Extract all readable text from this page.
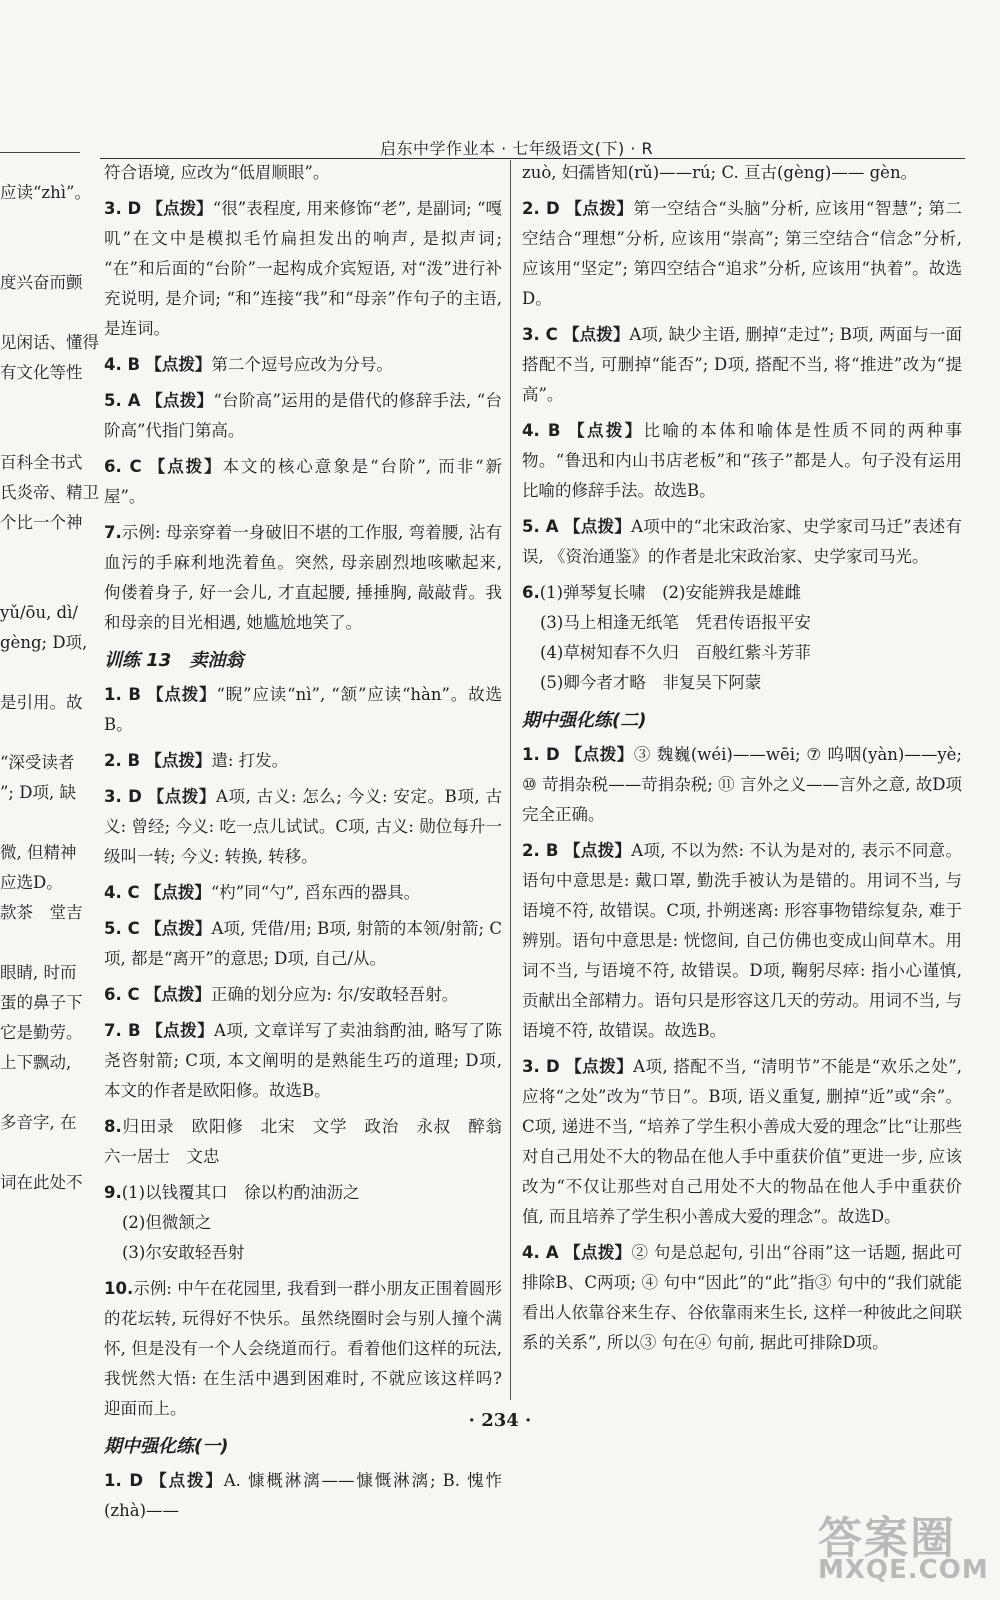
启东中学作业本 · 七年级语文(下) · R
应读“zhì”。

度兴奋而颤

见闲话、懂得
有文化等性

百科全书式
氏炎帝、精卫
个比一个神

yǔ/ōu, dì/
gèng; D项,

是引用。故

“深受读者
”; D项, 缺

微, 但精神
应选D。
款茶　堂吉

眼睛, 时而
蛋的鼻子下
它是勤劳。
上下飘动,

多音字, 在

词在此处不

符合语境, 应改为“低眉顺眼”。

3. D 【点拨】“很”表程度, 用来修饰“老”, 是副词; “嘎叽”在文中是模拟毛竹扁担发出的响声, 是拟声词; “在”和后面的“台阶”一起构成介宾短语, 对“泼”进行补充说明, 是介词; “和”连接“我”和“母亲”作句子的主语, 是连词。

4. B 【点拨】第二个逗号应改为分号。

5. A 【点拨】“台阶高”运用的是借代的修辞手法, “台阶高”代指门第高。

6. C 【点拨】本文的核心意象是“台阶”, 而非“新屋”。

7.示例: 母亲穿着一身破旧不堪的工作服, 弯着腰, 沾有血污的手麻利地洗着鱼。突然, 母亲剧烈地咳嗽起来, 佝偻着身子, 好一会儿, 才直起腰, 捶捶胸, 敲敲背。我和母亲的目光相遇, 她尴尬地笑了。

训练 13　卖油翁

1. B 【点拨】“睨”应读“nì”, “颔”应读“hàn”。故选B。

2. B 【点拨】遣: 打发。

3. D 【点拨】A项, 古义: 怎么; 今义: 安定。B项, 古义: 曾经; 今义: 吃一点儿试试。C项, 古义: 勋位每升一级叫一转; 今义: 转换, 转移。

4. C 【点拨】“杓”同“勺”, 舀东西的器具。

5. C 【点拨】A项, 凭借/用; B项, 射箭的本领/射箭; C项, 都是“离开”的意思; D项, 自己/从。

6. C 【点拨】正确的划分应为: 尔/安敢轻吾射。

7. B 【点拨】A项, 文章详写了卖油翁酌油, 略写了陈尧咨射箭; C项, 本文阐明的是熟能生巧的道理; D项, 本文的作者是欧阳修。故选B。

8.归田录　欧阳修　北宋　文学　政治　永叔　醉翁　六一居士　文忠

9.(1)以钱覆其口　徐以杓酌油沥之

(2)但微颔之

(3)尔安敢轻吾射

10.示例: 中午在花园里, 我看到一群小朋友正围着圆形的花坛转, 玩得好不快乐。虽然绕圈时会与别人撞个满怀, 但是没有一个人会绕道而行。看着他们这样的玩法, 我恍然大悟: 在生活中遇到困难时, 不就应该这样吗? 迎面而上。

期中强化练(一)

1. D 【点拨】A. 慷概淋漓——慷慨淋漓; B. 愧怍(zhà)——

zuò, 妇孺皆知(rǔ)——rú; C. 亘古(gèng)—— gèn。

2. D 【点拨】第一空结合“头脑”分析, 应该用“智慧”; 第二空结合“理想”分析, 应该用“崇高”; 第三空结合“信念”分析, 应该用“坚定”; 第四空结合“追求”分析, 应该用“执着”。故选D。

3. C 【点拨】A项, 缺少主语, 删掉“走过”; B项, 两面与一面搭配不当, 可删掉“能否”; D项, 搭配不当, 将“推进”改为“提高”。

4. B 【点拨】比喻的本体和喻体是性质不同的两种事物。“鲁迅和内山书店老板”和“孩子”都是人。句子没有运用比喻的修辞手法。故选B。

5. A 【点拨】A项中的“北宋政治家、史学家司马迁”表述有误, 《资治通鉴》的作者是北宋政治家、史学家司马光。

6.(1)弹琴复长啸　(2)安能辨我是雄雌

(3)马上相逢无纸笔　凭君传语报平安

(4)草树知春不久归　百般红紫斗芳菲

(5)卿今者才略　非复吴下阿蒙

期中强化练(二)

1. D 【点拨】③ 魏巍(wéi)——wēi; ⑦ 呜咽(yàn)——yè; ⑩ 苛捐杂税——苛捐杂税; ⑪ 言外之义——言外之意, 故D项完全正确。

2. B 【点拨】A项, 不以为然: 不认为是对的, 表示不同意。语句中意思是: 戴口罩, 勤洗手被认为是错的。用词不当, 与语境不符, 故错误。C项, 扑朔迷离: 形容事物错综复杂, 难于辨别。语句中意思是: 恍惚间, 自己仿佛也变成山间草木。用词不当, 与语境不符, 故错误。D项, 鞠躬尽瘁: 指小心谨慎, 贡献出全部精力。语句只是形容这几天的劳动。用词不当, 与语境不符, 故错误。故选B。

3. D 【点拨】A项, 搭配不当, “清明节”不能是“欢乐之处”, 应将“之处”改为“节日”。B项, 语义重复, 删掉“近”或“余”。C项, 递进不当, “培养了学生积小善成大爱的理念”比“让那些对自己用处不大的物品在他人手中重获价值”更进一步, 应该改为“不仅让那些对自己用处不大的物品在他人手中重获价值, 而且培养了学生积小善成大爱的理念”。故选D。

4. A 【点拨】② 句是总起句, 引出“谷雨”这一话题, 据此可排除B、C两项; ④ 句中“因此”的“此”指③ 句中的“我们就能看出人依靠谷来生存、谷依靠雨来生长, 这样一种彼此之间联系的关系”, 所以③ 句在④ 句前, 据此可排除D项。

· 234 ·
答案圈
MXQE.COM
